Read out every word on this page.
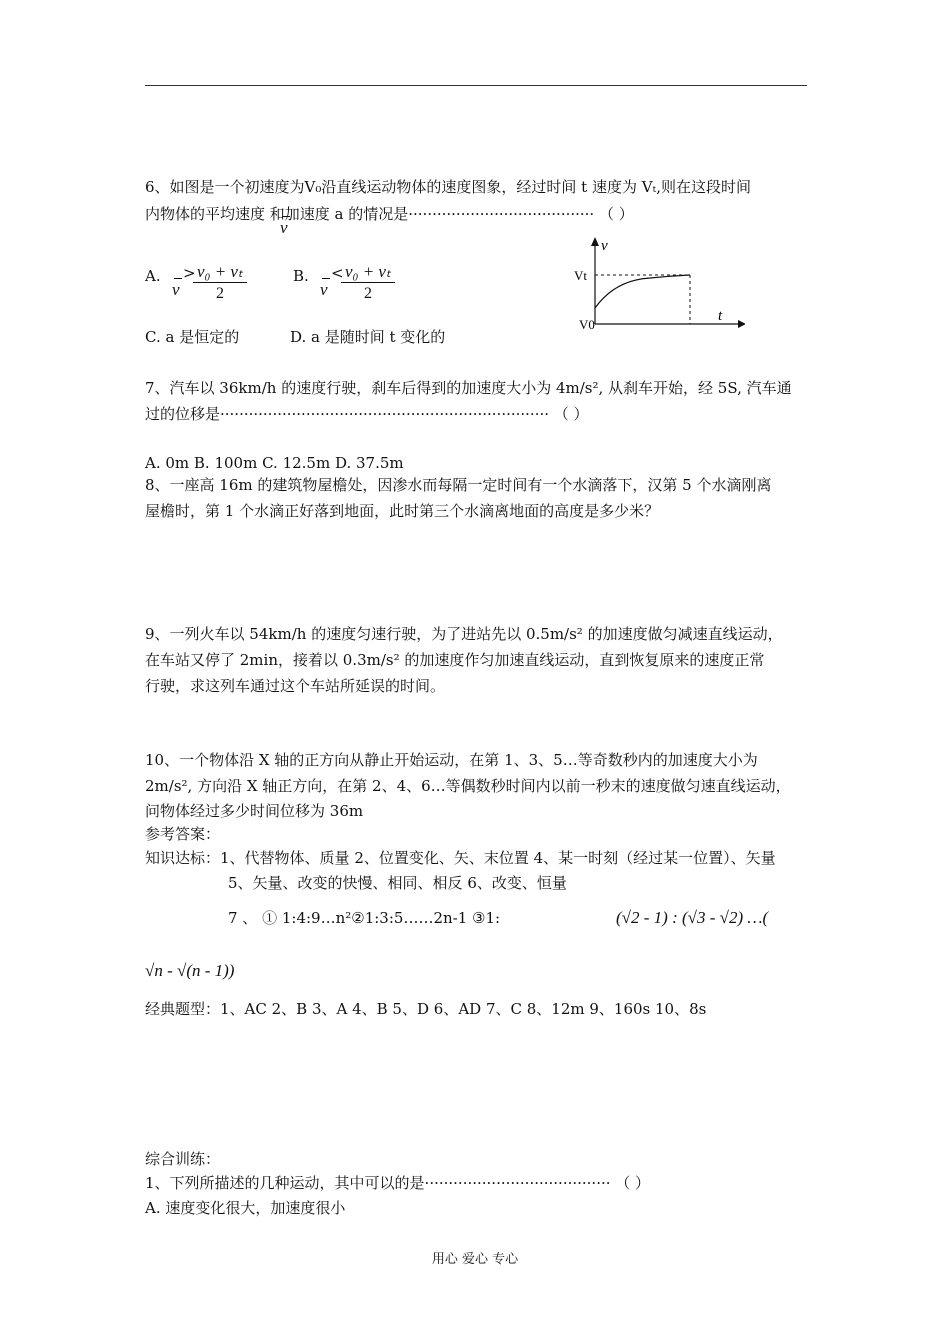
6、如图是一个初速度为V₀沿直线运动物体的速度图象，经过时间 t 速度为 Vₜ,则在这段时间
内物体的平均速度 和加速度 a 的情况是······································· （ ）
v
A.
v
>
$\frac{\text{v₀ + vₜ}}{2}$	B.
v
<
$\frac{\text{v₀ + vₜ}}{2}$
C. a 是恒定的	D. a 是随时间 t 变化的
v
t
Vt
V0
7、汽车以 36km/h 的速度行驶，刹车后得到的加速度大小为 4m/s², 从刹车开始，经 5S, 汽车通
过的位移是····································································· （ ）
A. 0m B. 100m C. 12.5m D. 37.5m
8、一座高 16m 的建筑物屋檐处，因渗水而每隔一定时间有一个水滴落下，汉第 5 个水滴刚离
屋檐时，第 1 个水滴正好落到地面，此时第三个水滴离地面的高度是多少米？
9、一列火车以 54km/h 的速度匀速行驶，为了进站先以 0.5m/s² 的加速度做匀减速直线运动，
在车站又停了 2min，接着以 0.3m/s² 的加速度作匀加速直线运动，直到恢复原来的速度正常
行驶，求这列车通过这个车站所延误的时间。
10、一个物体沿 X 轴的正方向从静止开始运动，在第 1、3、5…等奇数秒内的加速度大小为
2m/s², 方向沿 X 轴正方向，在第 2、4、6…等偶数秒时间内以前一秒末的速度做匀速直线运动，
问物体经过多少时间位移为 36m
参考答案：
知识达标：1、代替物体、质量 2、位置变化、矢、末位置 4、某一时刻（经过某一位置）、矢量
5、矢量、改变的快慢、相同、相反 6、改变、恒量
7 、 ① 1:4:9…n²②1:3:5……2n-1 ③1:	(√2 - 1) : (√3 - √2) …(
√n - √(n - 1))
经典题型：1、AC 2、B 3、A 4、B 5、D 6、AD 7、C 8、12m 9、160s 10、8s
综合训练：
1、下列所描述的几种运动，其中可以的是······································· （ ）
A. 速度变化很大，加速度很小
用心 爱心 专心
